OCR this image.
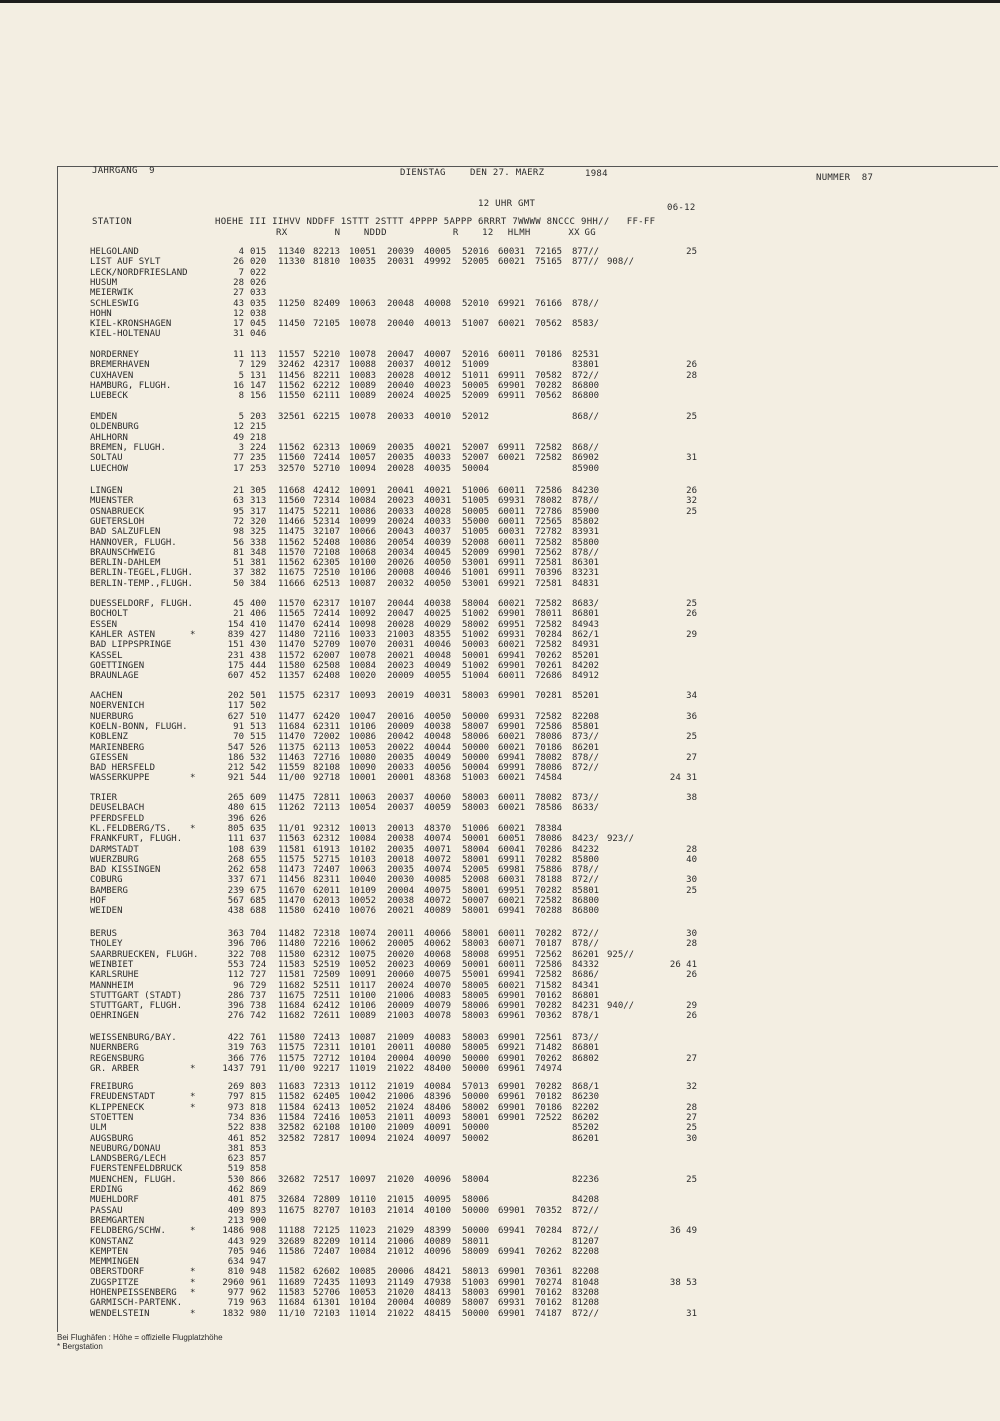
JAHRGANG  9	DIENSTAG	DEN 27. MAERZ	1984	NUMMER  87
12 UHR GMT	06-12
STATION	HOEHE III IIHVV NDDFF 1STTT 2STTT 4PPPP 5APPP 6RRRT 7WWWW 8NCCC 9HH//   FF-FF
RX          N     NDDD              R     12   HLMH        XX GG
HELGOLAND	4 015 11340 82213 10051 20039 40005 52016 60031 72165 877//	25
LIST AUF SYLT	26 020 11330 81810 10035 20031 49992 52005 60021 75165 877// 908//
LECK/NORDFRIESLAND	7 022
HUSUM	28 026
MEIERWIK	27 033
SCHLESWIG	43 035 11250 82409 10063 20048 40008 52010 69921 76166 878//
HOHN	12 038
KIEL-KRONSHAGEN	17 045 11450 72105 10078 20040 40013 51007 60021 70562 8583/
KIEL-HOLTENAU	31 046
NORDERNEY	11 113 11557 52210 10078 20047 40007 52016 60011 70186 82531
BREMERHAVEN	7 129 32462 42317 10088 20037 40012 51009	83801	26
CUXHAVEN	5 131 11456 82211 10083 20028 40012 51011 69911 70582 872//	28
HAMBURG, FLUGH.	16 147 11562 62212 10089 20040 40023 50005 69901 70282 86800
LUEBECK	8 156 11550 62111 10089 20024 40025 52009 69911 70562 86800
EMDEN	5 203 32561 62215 10078 20033 40010 52012	868//	25
OLDENBURG	12 215
AHLHORN	49 218
BREMEN, FLUGH.	3 224 11562 62313 10069 20035 40021 52007 69911 72582 868//
SOLTAU	77 235 11560 72414 10057 20035 40033 52007 60021 72582 86902	31
LUECHOW	17 253 32570 52710 10094 20028 40035 50004	85900
LINGEN	21 305 11668 42412 10091 20041 40021 51006 60011 72586 84230	26
MUENSTER	63 313 11560 72314 10084 20023 40031 51005 69931 78082 878//	32
OSNABRUECK	95 317 11475 52211 10086 20033 40028 50005 60011 72786 85900	25
GUETERSLOH	72 320 11466 52314 10099 20024 40033 55000 60011 72565 85802
BAD SALZUFLEN	98 325 11475 32107 10066 20043 40037 51005 60031 72782 83931
HANNOVER, FLUGH.	56 338 11562 52408 10086 20054 40039 52008 60011 72582 85800
BRAUNSCHWEIG	81 348 11570 72108 10068 20034 40045 52009 69901 72562 878//
BERLIN-DAHLEM	51 381 11562 62305 10100 20026 40050 53001 69911 72581 86301
BERLIN-TEGEL,FLUGH.	37 382 11675 72510 10106 20008 40046 51001 69911 70396 83231
BERLIN-TEMP.,FLUGH.	50 384 11666 62513 10087 20032 40050 53001 69921 72581 84831
DUESSELDORF, FLUGH.	45 400 11570 62317 10107 20044 40038 58004 60021 72582 8683/	25
BOCHOLT	21 406 11565 72414 10092 20047 40025 51002 69901 78011 86801	26
ESSEN	154 410 11470 62414 10098 20028 40029 58002 69951 72582 84943
KAHLER ASTEN	*	839 427 11480 72116 10033 21003 48355 51002 69931 70284 862/1	29
BAD LIPPSPRINGE	151 430 11470 52709 10070 20031 40046 50003 60021 72582 84931
KASSEL	231 438 11572 62007 10078 20021 40048 50001 69941 70262 85201
GOETTINGEN	175 444 11580 62508 10084 20023 40049 51002 69901 70261 84202
BRAUNLAGE	607 452 11357 62408 10020 20009 40055 51004 60011 72686 84912
AACHEN	202 501 11575 62317 10093 20019 40031 58003 69901 70281 85201	34
NOERVENICH	117 502
NUERBURG	627 510 11477 62420 10047 20016 40050 50000 69931 72582 82208	36
KOELN-BONN, FLUGH.	91 513 11684 62311 10106 20009 40038 58007 69901 72586 85801
KOBLENZ	70 515 11470 72002 10086 20042 40048 58006 60021 78086 873//	25
MARIENBERG	547 526 11375 62113 10053 20022 40044 50000 60021 70186 86201
GIESSEN	186 532 11463 72716 10080 20035 40049 50000 69941 78082 878//	27
BAD HERSFELD	212 542 11559 82108 10090 20033 40056 50004 69991 78086 872//
WASSERKUPPE	*	921 544 11/00 92718 10001 20001 48368 51003 60021 74584	24 31
TRIER	265 609 11475 72811 10063 20037 40060 58003 60011 78082 873//	38
DEUSELBACH	480 615 11262 72113 10054 20037 40059 58003 60021 78586 8633/
PFERDSFELD	396 626
KL.FELDBERG/TS. *	805 635 11/01 92312 10013 20013 48370 51006 60021 78384
FRANKFURT, FLUGH.	111 637 11563 62312 10084 20038 40074 50001 60051 78086 8423/ 923//
DARMSTADT	108 639 11581 61913 10102 20035 40071 58004 60041 70286 84232	28
WUERZBURG	268 655 11575 52715 10103 20018 40072 58001 69911 70282 85800	40
BAD KISSINGEN	262 658 11473 72407 10063 20035 40074 52005 69981 75886 878//
COBURG	337 671 11456 82311 10040 20030 40085 52008 60031 78188 872//	30
BAMBERG	239 675 11670 62011 10109 20004 40075 58001 69951 70282 85801	25
HOF	567 685 11470 62013 10052 20038 40072 50007 60021 72582 86800
WEIDEN	438 688 11580 62410 10076 20021 40089 58001 69941 70288 86800
BERUS	363 704 11482 72318 10074 20011 40066 58001 60011 70282 872//	30
THOLEY	396 706 11480 72216 10062 20005 40062 58003 60071 70187 878//	28
SAARBRUECKEN, FLUGH.	322 708 11580 62312 10075 20020 40068 58008 69951 72562 86201 925//
WEINBIET	553 724 11583 52519 10052 20023 40069 50001 60011 72586 84332	26 41
KARLSRUHE	112 727 11581 72509 10091 20060 40075 55001 69941 72582 8686/	26
MANNHEIM	96 729 11682 52511 10117 20024 40070 58005 60021 71582 84341
STUTTGART (STADT)	286 737 11675 72511 10100 21006 40083 58005 69901 70162 86801
STUTTGART, FLUGH.	396 738 11684 62412 10106 20009 40079 58006 69901 70282 84231 940//	29
OEHRINGEN	276 742 11682 72611 10089 21003 40078 58003 69961 70362 878/1	26
WEISSENBURG/BAY.	422 761 11580 72413 10087 21009 40083 58003 69901 72561 873//
NUERNBERG	319 763 11575 72311 10101 20011 40080 58005 69921 71482 86801
REGENSBURG	366 776 11575 72712 10104 20004 40090 50000 69901 70262 86802	27
GR. ARBER	*	1437 791 11/00 92217 11019 21022 48400 50000 69961 74974
FREIBURG	269 803 11683 72313 10112 21019 40084 57013 69901 70282 868/1	32
FREUDENSTADT	*	797 815 11582 62405 10042 21006 48396 50000 69961 70182 86230
KLIPPENECK	*	973 818 11584 62413 10052 21024 48406 58002 69901 70186 82202	28
STOETTEN	734 836 11584 72416 10053 21011 40093 58001 69901 72522 86202	27
ULM	522 838 32582 62108 10100 21009 40091 50000	85202	25
AUGSBURG	461 852 32582 72817 10094 21024 40097 50002	86201	30
NEUBURG/DONAU	381 853
LANDSBERG/LECH	623 857
FUERSTENFELDBRUCK	519 858
MUENCHEN, FLUGH.	530 866 32682 72517 10097 21020 40096 58004	82236	25
ERDING	462 869
MUEHLDORF	401 875 32684 72809 10110 21015 40095 58006	84208
PASSAU	409 893 11675 82707 10103 21014 40100 50000 69901 70352 872//
BREMGARTEN	213 900
FELDBERG/SCHW.	*	1486 908 11188 72125 11023 21029 48399 50000 69941 70284 872//	36 49
KONSTANZ	443 929 32689 82209 10114 21006 40089 58011	81207
KEMPTEN	705 946 11586 72407 10084 21012 40096 58009 69941 70262 82208
MEMMINGEN	634 947
OBERSTDORF	*	810 948 11582 62602 10085 20006 48421 58013 69901 70361 82208
ZUGSPITZE	*	2960 961 11689 72435 11093 21149 47938 51003 69901 70274 81048	38 53
HOHENPEISSENBERG *	977 962 11583 52706 10053 21020 48413 58003 69901 70162 83208
GARMISCH-PARTENK.	719 963 11684 61301 10104 20004 40089 58007 69931 70162 81208
WENDELSTEIN	*	1832 980 11/10 72103 11014 21022 48415 50000 69901 74187 872//	31
Bei Flughäfen : Höhe = offizielle Flugplatzhöhe
* Bergstation
